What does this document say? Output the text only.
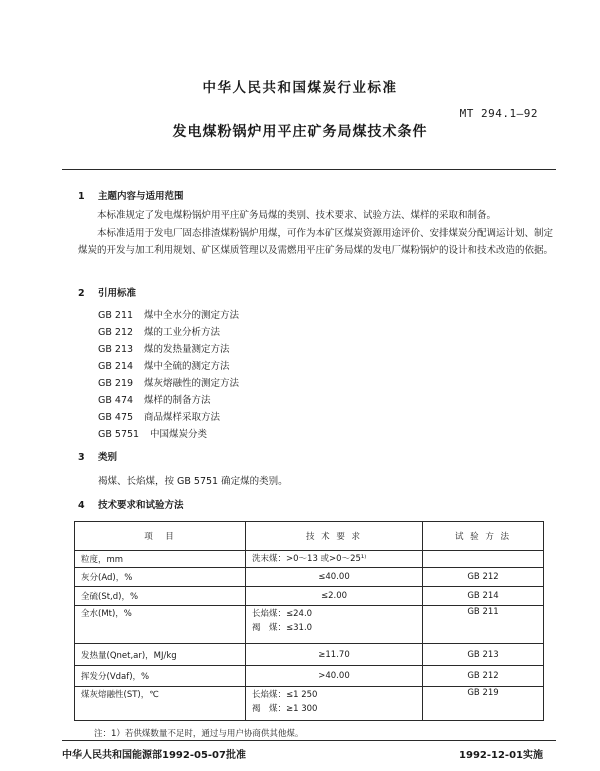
中华人民共和国煤炭行业标准
MT 294.1—92
发电煤粉锅炉用平庄矿务局煤技术条件
1 主题内容与适用范围

本标准规定了发电煤粉锅炉用平庄矿务局煤的类别、技术要求、试验方法、煤样的采取和制备。

本标准适用于发电厂固态排渣煤粉锅炉用煤，可作为本矿区煤炭资源用途评价、安排煤炭分配调运计划、制定煤炭的开发与加工利用规划、矿区煤质管理以及需燃用平庄矿务局煤的发电厂煤粉锅炉的设计和技术改造的依据。

2 引用标准
GB 211 煤中全水分的测定方法
GB 212 煤的工业分析方法
GB 213 煤的发热量测定方法
GB 214 煤中全硫的测定方法
GB 219 煤灰熔融性的测定方法
GB 474 煤样的制备方法
GB 475 商品煤样采取方法
GB 5751 中国煤炭分类
3 类别
褐煤、长焰煤，按 GB 5751 确定煤的类别。
4 技术要求和试验方法
项　目	技 术 要 求	试 验 方 法
粒度，mm	洗末煤：>0～13 或>0～25¹⁾	

灰分(Ad)，%	≤40.00	GB 212
全硫(St,d)，%	≤2.00	GB 214
全水(Mt)，%	长焰煤：≤24.0
褐　煤：≤31.0	GB 211
发热量(Qnet,ar)，MJ/kg	≥11.70	GB 213
挥发分(Vdaf)，%	>40.00	GB 212
煤灰熔融性(ST)，℃	长焰煤：≤1 250
褐　煤：≥1 300	GB 219
注：1）若供煤数量不足时，通过与用户协商供其他煤。
中华人民共和国能源部1992-05-07批准	1992-12-01实施
